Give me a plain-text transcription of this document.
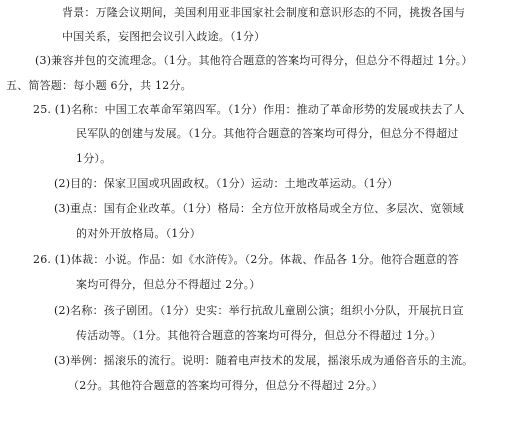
背景：万隆会议期间，美国利用亚非国家社会制度和意识形态的不同，挑拨各国与
中国关系，妄图把会议引入歧途。（1分）
(3)兼容并包的交流理念。（1分。其他符合题意的答案均可得分，但总分不得超过 1分。）
五、简答题：每小题 6分，共 12分。
25. (1)名称：中国工农革命军第四军。（1分）作用：推动了革命形势的发展或扶去了人
民军队的创建与发展。（1分。其他符合题意的答案均可得分，但总分不得超过
1分）。
(2)目的：保家卫国或巩固政权。（1分）运动：土地改革运动。（1分）
(3)重点：国有企业改革。（1分）格局：全方位开放格局或全方位、多层次、宽领域
的对外开放格局。（1分）
26. (1)体裁：小说。作品：如《水浒传》。（2分。体裁、作品各 1分。他符合题意的答
案均可得分，但总分不得超过 2分。）
(2)名称：孩子剧团。（1分）史实：举行抗敌儿童剧公演；组织小分队，开展抗日宣
传活动等。（1分。其他符合题意的答案均可得分，但总分不得超过 1分。）
(3)举例：摇滚乐的流行。说明：随着电声技术的发展，摇滚乐成为通俗音乐的主流。
（2分。其他符合题意的答案均可得分，但总分不得超过 2分。）
